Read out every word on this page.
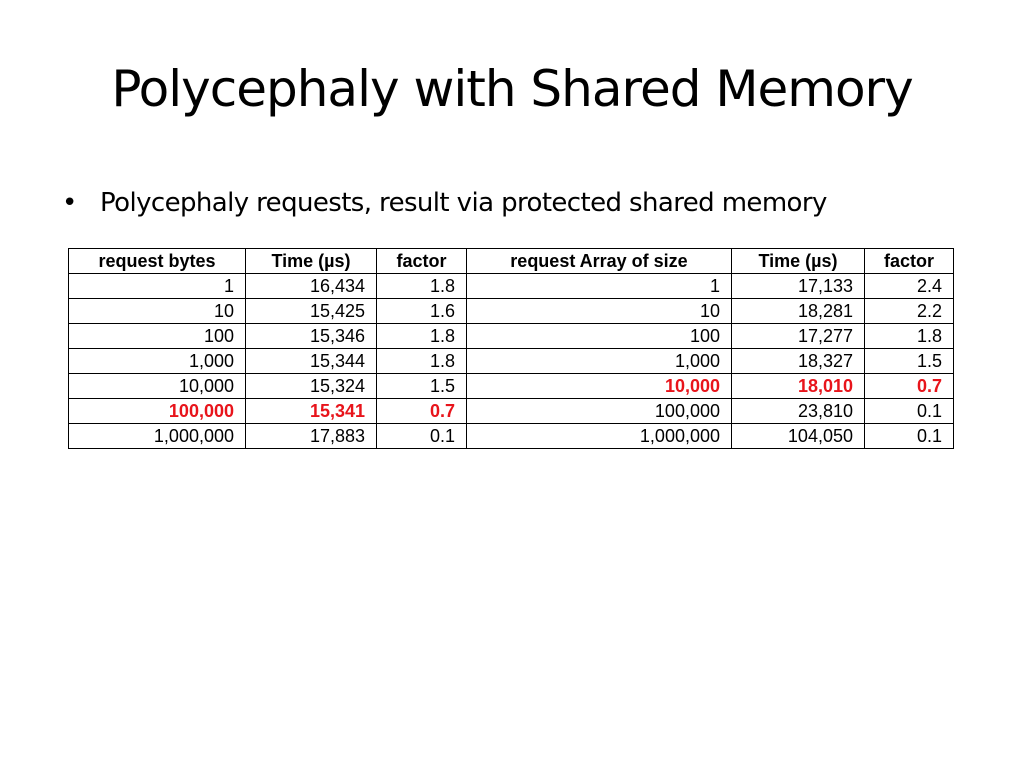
Polycephaly with Shared Memory
• Polycephaly requests, result via protected shared memory
request bytes	Time (µs)	factor	request Array of size	Time (µs)	factor
1	16,434	1.8	1	17,133	2.4
10	15,425	1.6	10	18,281	2.2
100	15,346	1.8	100	17,277	1.8
1,000	15,344	1.8	1,000	18,327	1.5
10,000	15,324	1.5	10,000	18,010	0.7
100,000	15,341	0.7	100,000	23,810	0.1
1,000,000	17,883	0.1	1,000,000	104,050	0.1
